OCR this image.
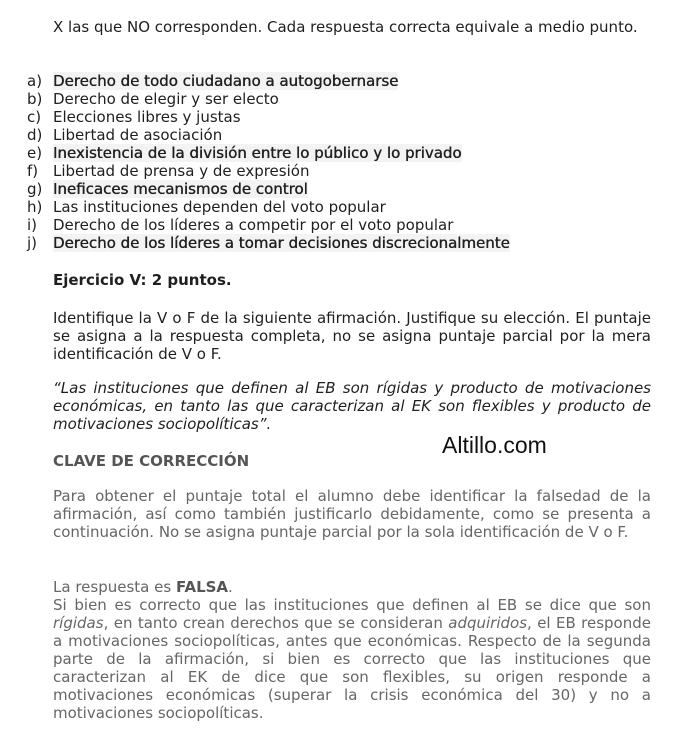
X las que NO corresponden. Cada respuesta correcta equivale a medio punto.

a) Derecho de todo ciudadano a autogobernarse
b) Derecho de elegir y ser electo
c) Elecciones libres y justas
d) Libertad de asociación
e) Inexistencia de la división entre lo público y lo privado
f) Libertad de prensa y de expresión
g) Ineficaces mecanismos de control
h) Las instituciones dependen del voto popular
i) Derecho de los líderes a competir por el voto popular
j) Derecho de los líderes a tomar decisiones discrecionalmente
Ejercicio V: 2 puntos.

Identifique la V o F de la siguiente afirmación. Justifique su elección. El puntaje se asigna a la respuesta completa, no se asigna puntaje parcial por la mera identificación de V o F.

“Las instituciones que definen al EB son rígidas y producto de motivaciones económicas, en tanto las que caracterizan al EK son flexibles y producto de motivaciones sociopolíticas”.

Altillo.com
CLAVE DE CORRECCIÓN

Para obtener el puntaje total el alumno debe identificar la falsedad de la afirmación, así como también justificarlo debidamente, como se presenta a continuación. No se asigna puntaje parcial por la sola identificación de V o F.

La respuesta es FALSA.

Si bien es correcto que las instituciones que definen al EB se dice que son rígidas, en tanto crean derechos que se consideran adquiridos, el EB responde a motivaciones sociopolíticas, antes que económicas. Respecto de la segunda parte de la afirmación, si bien es correcto que las instituciones que caracterizan al EK de dice que son flexibles, su origen responde a motivaciones económicas (superar la crisis económica del 30) y no a motivaciones sociopolíticas.
